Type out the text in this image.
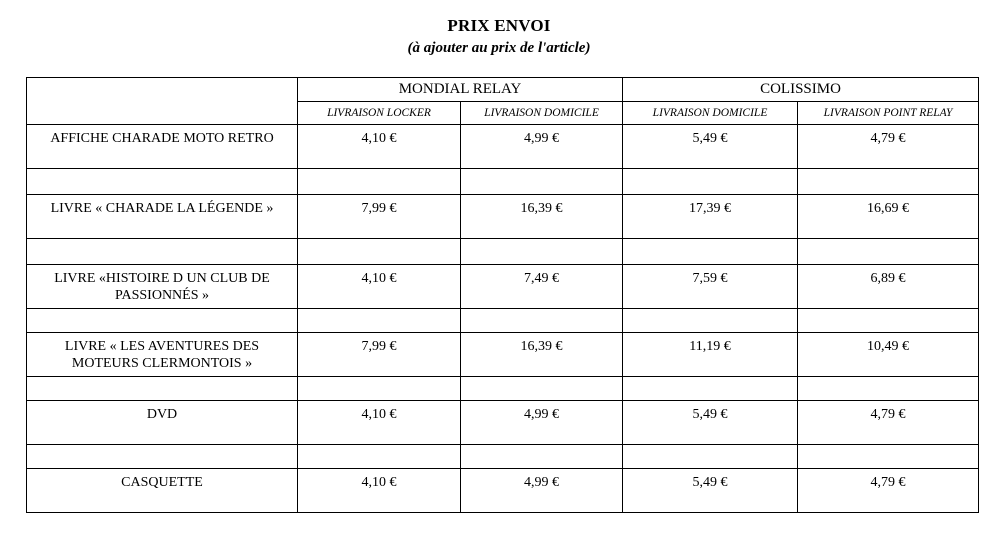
PRIX ENVOI
(à ajouter au prix de l'article)
	MONDIAL RELAY		COLISSIMO	
	LIVRAISON LOCKER	LIVRAISON DOMICILE	LIVRAISON DOMICILE	LIVRAISON POINT RELAY
AFFICHE CHARADE MOTO RETRO	4,10 €	4,99 €	5,49 €	4,79 €

LIVRE « CHARADE LA LÉGENDE »	7,99 €	16,39 €	17,39 €	16,69 €

LIVRE «HISTOIRE D UN CLUB DE PASSIONNÉS »	4,10 €	7,49 €	7,59 €	6,89 €

LIVRE « LES AVENTURES DES MOTEURS CLERMONTOIS »	7,99 €	16,39 €	11,19 €	10,49 €

DVD	4,10 €	4,99 €	5,49 €	4,79 €

CASQUETTE	4,10 €	4,99 €	5,49 €	4,79 €
